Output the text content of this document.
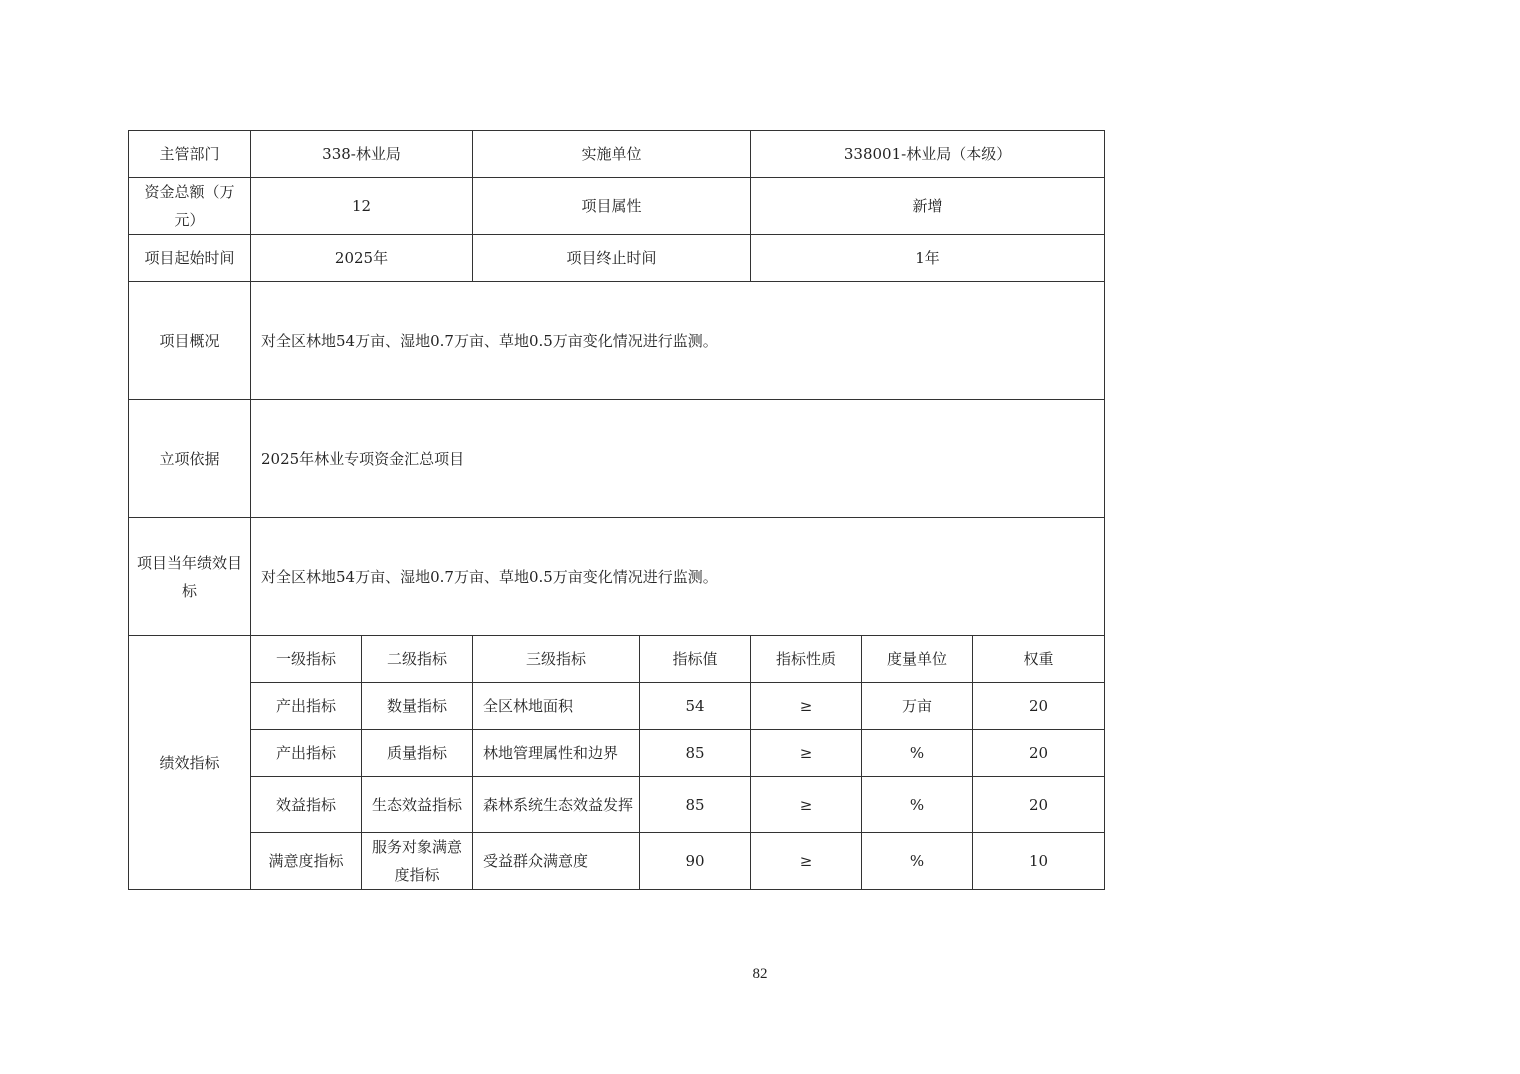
主管部门	338-林业局		实施单位		338001-林业局（本级）		
资金总额（万元）	12		项目属性		新增		
项目起始时间	2025年		项目终止时间		1年		
项目概况	对全区林地54万亩、湿地0.7万亩、草地0.5万亩变化情况进行监测。						
立项依据	2025年林业专项资金汇总项目						
项目当年绩效目标	对全区林地54万亩、湿地0.7万亩、草地0.5万亩变化情况进行监测。						
绩效指标	一级指标	二级指标	三级指标	指标值	指标性质	度量单位	权重
	产出指标	数量指标	全区林地面积	54	≥	万亩	20
	产出指标	质量指标	林地管理属性和边界	85	≥	%	20
	效益指标	生态效益指标	森林系统生态效益发挥	85	≥	%	20
	满意度指标	服务对象满意度指标	受益群众满意度	90	≥	%	10
82
